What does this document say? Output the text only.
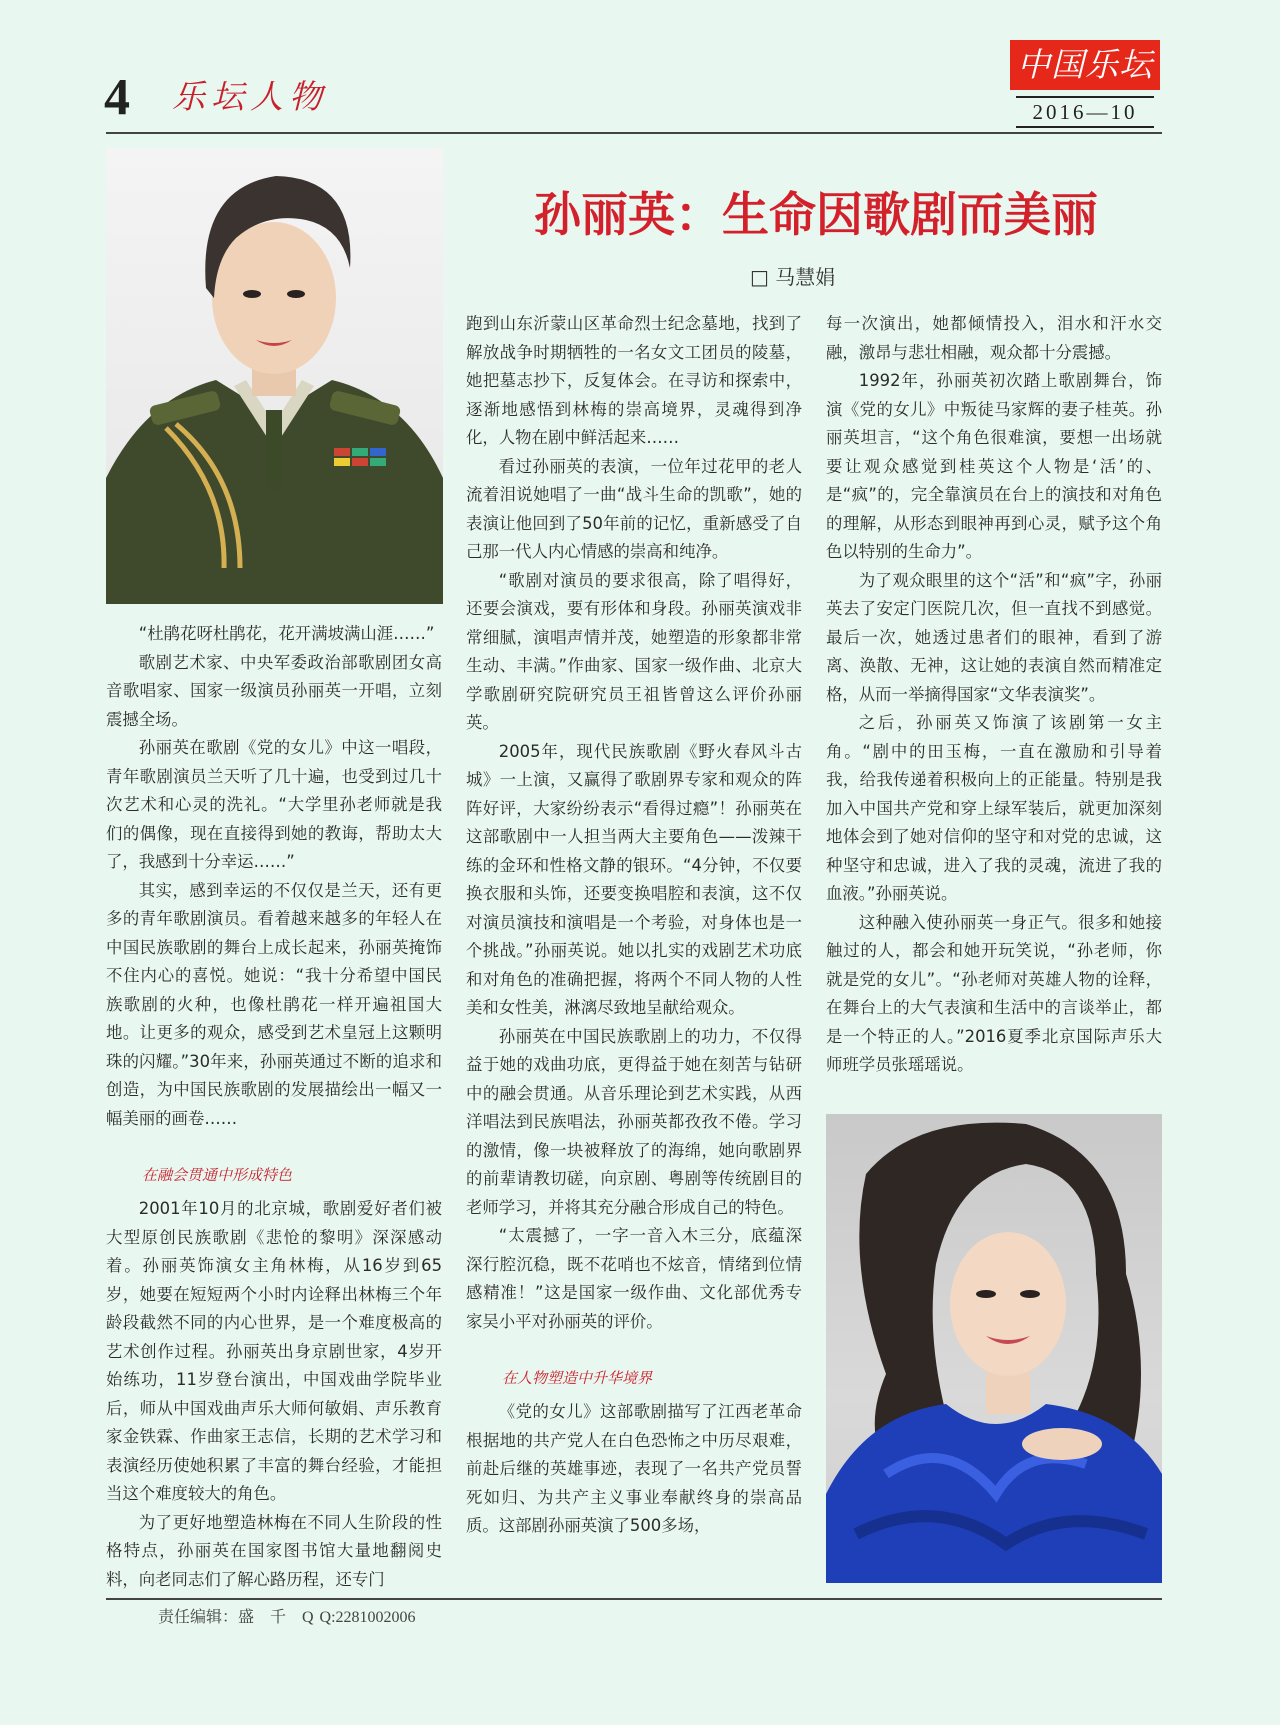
4 乐坛人物
中国乐坛
2016—10
孙丽英：生命因歌剧而美丽
□ 马慧娟

“杜鹃花呀杜鹃花，花开满坡满山涯……”

歌剧艺术家、中央军委政治部歌剧团女高音歌唱家、国家一级演员孙丽英一开唱，立刻震撼全场。

孙丽英在歌剧《党的女儿》中这一唱段，青年歌剧演员兰天听了几十遍，也受到过几十次艺术和心灵的洗礼。“大学里孙老师就是我们的偶像，现在直接得到她的教诲，帮助太大了，我感到十分幸运……”

其实，感到幸运的不仅仅是兰天，还有更多的青年歌剧演员。看着越来越多的年轻人在中国民族歌剧的舞台上成长起来，孙丽英掩饰不住内心的喜悦。她说：“我十分希望中国民族歌剧的火种，也像杜鹃花一样开遍祖国大地。让更多的观众，感受到艺术皇冠上这颗明珠的闪耀。”30年来，孙丽英通过不断的追求和创造，为中国民族歌剧的发展描绘出一幅又一幅美丽的画卷……

在融会贯通中形成特色

2001年10月的北京城，歌剧爱好者们被大型原创民族歌剧《悲怆的黎明》深深感动着。孙丽英饰演女主角林梅，从16岁到65岁，她要在短短两个小时内诠释出林梅三个年龄段截然不同的内心世界，是一个难度极高的艺术创作过程。孙丽英出身京剧世家，4岁开始练功，11岁登台演出，中国戏曲学院毕业后，师从中国戏曲声乐大师何敏娟、声乐教育家金铁霖、作曲家王志信，长期的艺术学习和表演经历使她积累了丰富的舞台经验，才能担当这个难度较大的角色。

为了更好地塑造林梅在不同人生阶段的性格特点，孙丽英在国家图书馆大量地翻阅史料，向老同志们了解心路历程，还专门

跑到山东沂蒙山区革命烈士纪念墓地，找到了解放战争时期牺牲的一名女文工团员的陵墓，她把墓志抄下，反复体会。在寻访和探索中，逐渐地感悟到林梅的崇高境界，灵魂得到净化，人物在剧中鲜活起来……

看过孙丽英的表演，一位年过花甲的老人流着泪说她唱了一曲“战斗生命的凯歌”，她的表演让他回到了50年前的记忆，重新感受了自己那一代人内心情感的崇高和纯净。

“歌剧对演员的要求很高，除了唱得好，还要会演戏，要有形体和身段。孙丽英演戏非常细腻，演唱声情并茂，她塑造的形象都非常生动、丰满。”作曲家、国家一级作曲、北京大学歌剧研究院研究员王祖皆曾这么评价孙丽英。

2005年，现代民族歌剧《野火春风斗古城》一上演，又赢得了歌剧界专家和观众的阵阵好评，大家纷纷表示“看得过瘾”！孙丽英在这部歌剧中一人担当两大主要角色——泼辣干练的金环和性格文静的银环。“4分钟，不仅要换衣服和头饰，还要变换唱腔和表演，这不仅对演员演技和演唱是一个考验，对身体也是一个挑战。”孙丽英说。她以扎实的戏剧艺术功底和对角色的准确把握，将两个不同人物的人性美和女性美，淋漓尽致地呈献给观众。

孙丽英在中国民族歌剧上的功力，不仅得益于她的戏曲功底，更得益于她在刻苦与钻研中的融会贯通。从音乐理论到艺术实践，从西洋唱法到民族唱法，孙丽英都孜孜不倦。学习的激情，像一块被释放了的海绵，她向歌剧界的前辈请教切磋，向京剧、粤剧等传统剧目的老师学习，并将其充分融合形成自己的特色。

“太震撼了，一字一音入木三分，底蕴深深行腔沉稳，既不花哨也不炫音，情绪到位情感精准！”这是国家一级作曲、文化部优秀专家吴小平对孙丽英的评价。

在人物塑造中升华境界

《党的女儿》这部歌剧描写了江西老革命根据地的共产党人在白色恐怖之中历尽艰难，前赴后继的英雄事迹，表现了一名共产党员誓死如归、为共产主义事业奉献终身的崇高品质。这部剧孙丽英演了500多场，

每一次演出，她都倾情投入，泪水和汗水交融，激昂与悲壮相融，观众都十分震撼。

1992年，孙丽英初次踏上歌剧舞台，饰演《党的女儿》中叛徒马家辉的妻子桂英。孙丽英坦言，“这个角色很难演，要想一出场就要让观众感觉到桂英这个人物是‘活’的、是“疯”的，完全靠演员在台上的演技和对角色的理解，从形态到眼神再到心灵，赋予这个角色以特别的生命力”。

为了观众眼里的这个“活”和“疯”字，孙丽英去了安定门医院几次，但一直找不到感觉。最后一次，她透过患者们的眼神，看到了游离、涣散、无神，这让她的表演自然而精准定格，从而一举摘得国家“文华表演奖”。

之后，孙丽英又饰演了该剧第一女主角。“剧中的田玉梅，一直在激励和引导着我，给我传递着积极向上的正能量。特别是我加入中国共产党和穿上绿军装后，就更加深刻地体会到了她对信仰的坚守和对党的忠诚，这种坚守和忠诚，进入了我的灵魂，流进了我的血液。”孙丽英说。

这种融入使孙丽英一身正气。很多和她接触过的人，都会和她开玩笑说，“孙老师，你就是党的女儿”。“孙老师对英雄人物的诠释，在舞台上的大气表演和生活中的言谈举止，都是一个特正的人。”2016夏季北京国际声乐大师班学员张瑶瑶说。

责任编辑：盛　千　Q Q:2281002006
